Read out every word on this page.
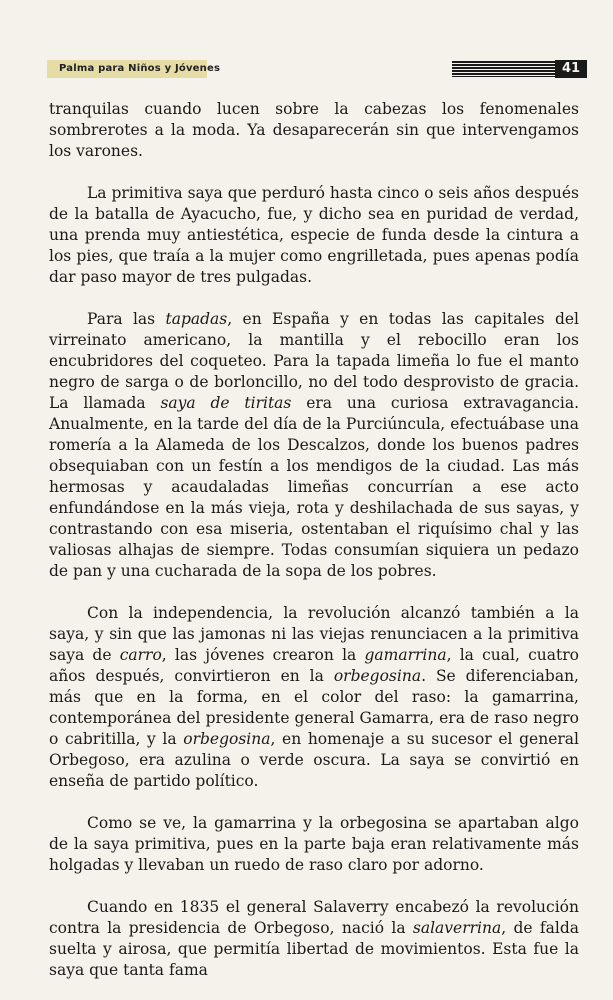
Palma para Niños y Jóvenes	41

tranquilas cuando lucen sobre la cabezas los fenomenales sombrerotes a la moda. Ya desaparecerán sin que intervengamos los varones.

La primitiva saya que perduró hasta cinco o seis años después de la batalla de Ayacucho, fue, y dicho sea en puridad de verdad, una prenda muy antiestética, especie de funda desde la cintura a los pies, que traía a la mujer como engrilletada, pues apenas podía dar paso mayor de tres pulgadas.

Para las tapadas, en España y en todas las capitales del virreinato americano, la mantilla y el rebocillo eran los encubridores del coqueteo. Para la tapada limeña lo fue el manto negro de sarga o de borloncillo, no del todo desprovisto de gracia. La llamada saya de tiritas era una curiosa extravagancia. Anualmente, en la tarde del día de la Purciúncula, efectuábase una romería a la Alameda de los Descalzos, donde los buenos padres obsequiaban con un festín a los mendigos de la ciudad. Las más hermosas y acaudaladas limeñas concurrían a ese acto enfundándose en la más vieja, rota y deshilachada de sus sayas, y contrastando con esa miseria, ostentaban el riquísimo chal y las valiosas alhajas de siempre. Todas consumían siquiera un pedazo de pan y una cucharada de la sopa de los pobres.

Con la independencia, la revolución alcanzó también a la saya, y sin que las jamonas ni las viejas renunciacen a la primitiva saya de carro, las jóvenes crearon la gamarrina, la cual, cuatro años después, convirtieron en la orbegosina. Se diferenciaban, más que en la forma, en el color del raso: la gamarrina, contemporánea del presidente general Gamarra, era de raso negro o cabritilla, y la orbegosina, en homenaje a su sucesor el general Orbegoso, era azulina o verde oscura. La saya se convirtió en enseña de partido político.

Como se ve, la gamarrina y la orbegosina se apartaban algo de la saya primitiva, pues en la parte baja eran relativamente más holgadas y llevaban un ruedo de raso claro por adorno.

Cuando en 1835 el general Salaverry encabezó la revolución contra la presidencia de Orbegoso, nació la salaverrina, de falda suelta y airosa, que permitía libertad de movimientos. Esta fue la saya que tanta fama
